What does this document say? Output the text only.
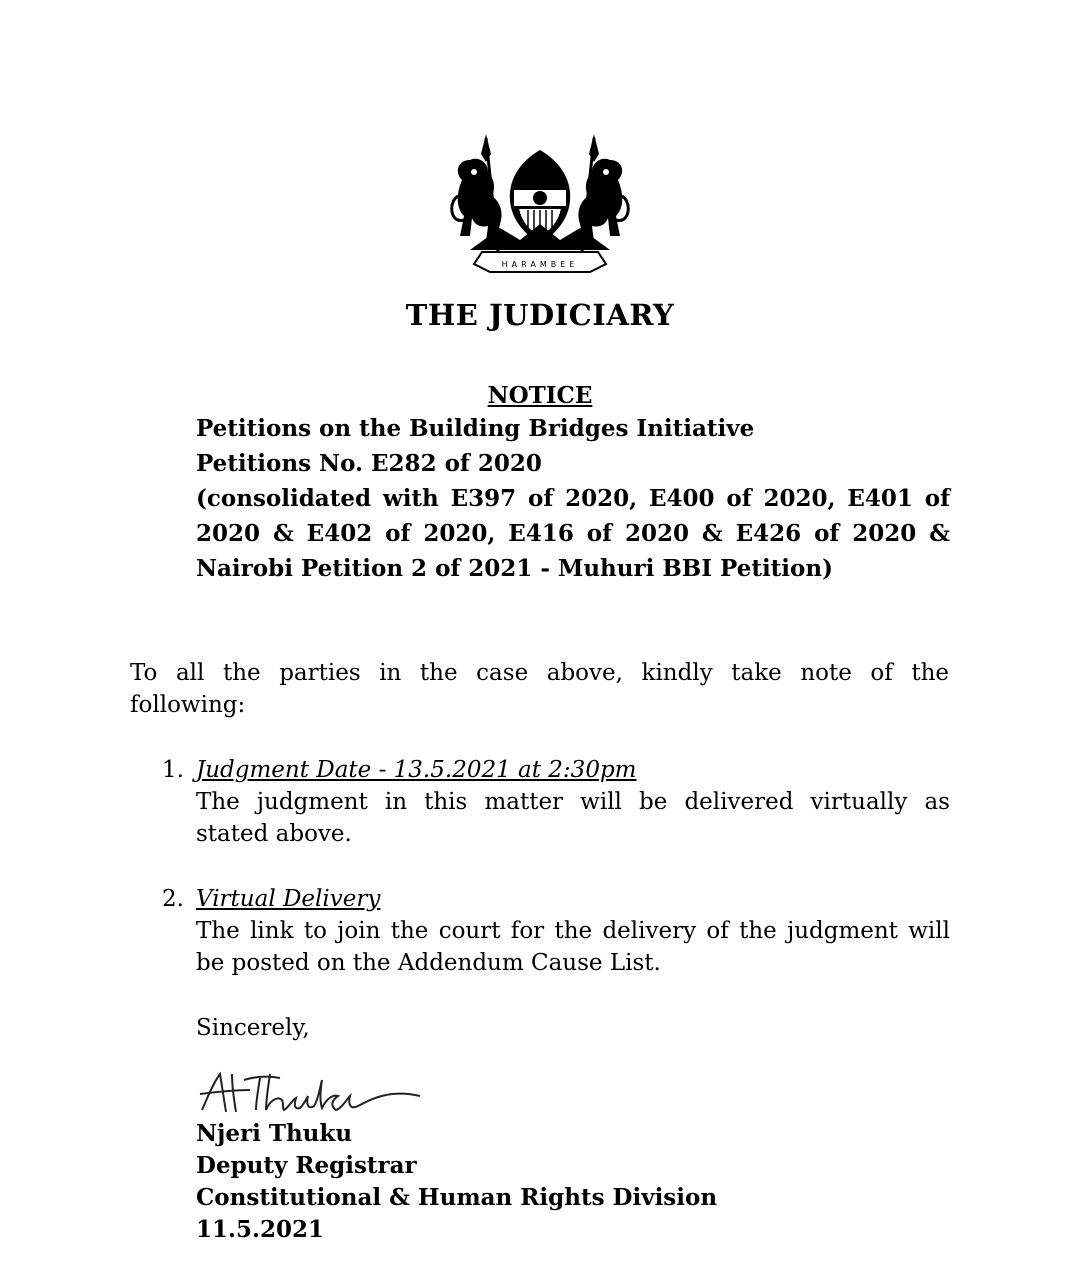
HARAMBEE
THE JUDICIARY
NOTICE
Petitions on the Building Bridges Initiative
Petitions No. E282 of 2020
(consolidated with E397 of 2020, E400 of 2020, E401 of
2020 & E402 of 2020, E416 of 2020 & E426 of 2020 &
Nairobi Petition 2 of 2021 - Muhuri BBI Petition)
To all the parties in the case above, kindly take note of the
following:
1. Judgment Date - 13.5.2021 at 2:30pm
The judgment in this matter will be delivered virtually as
stated above.
2. Virtual Delivery
The link to join the court for the delivery of the judgment will
be posted on the Addendum Cause List.
Sincerely,
Njeri Thuku
Deputy Registrar
Constitutional & Human Rights Division
11.5.2021
